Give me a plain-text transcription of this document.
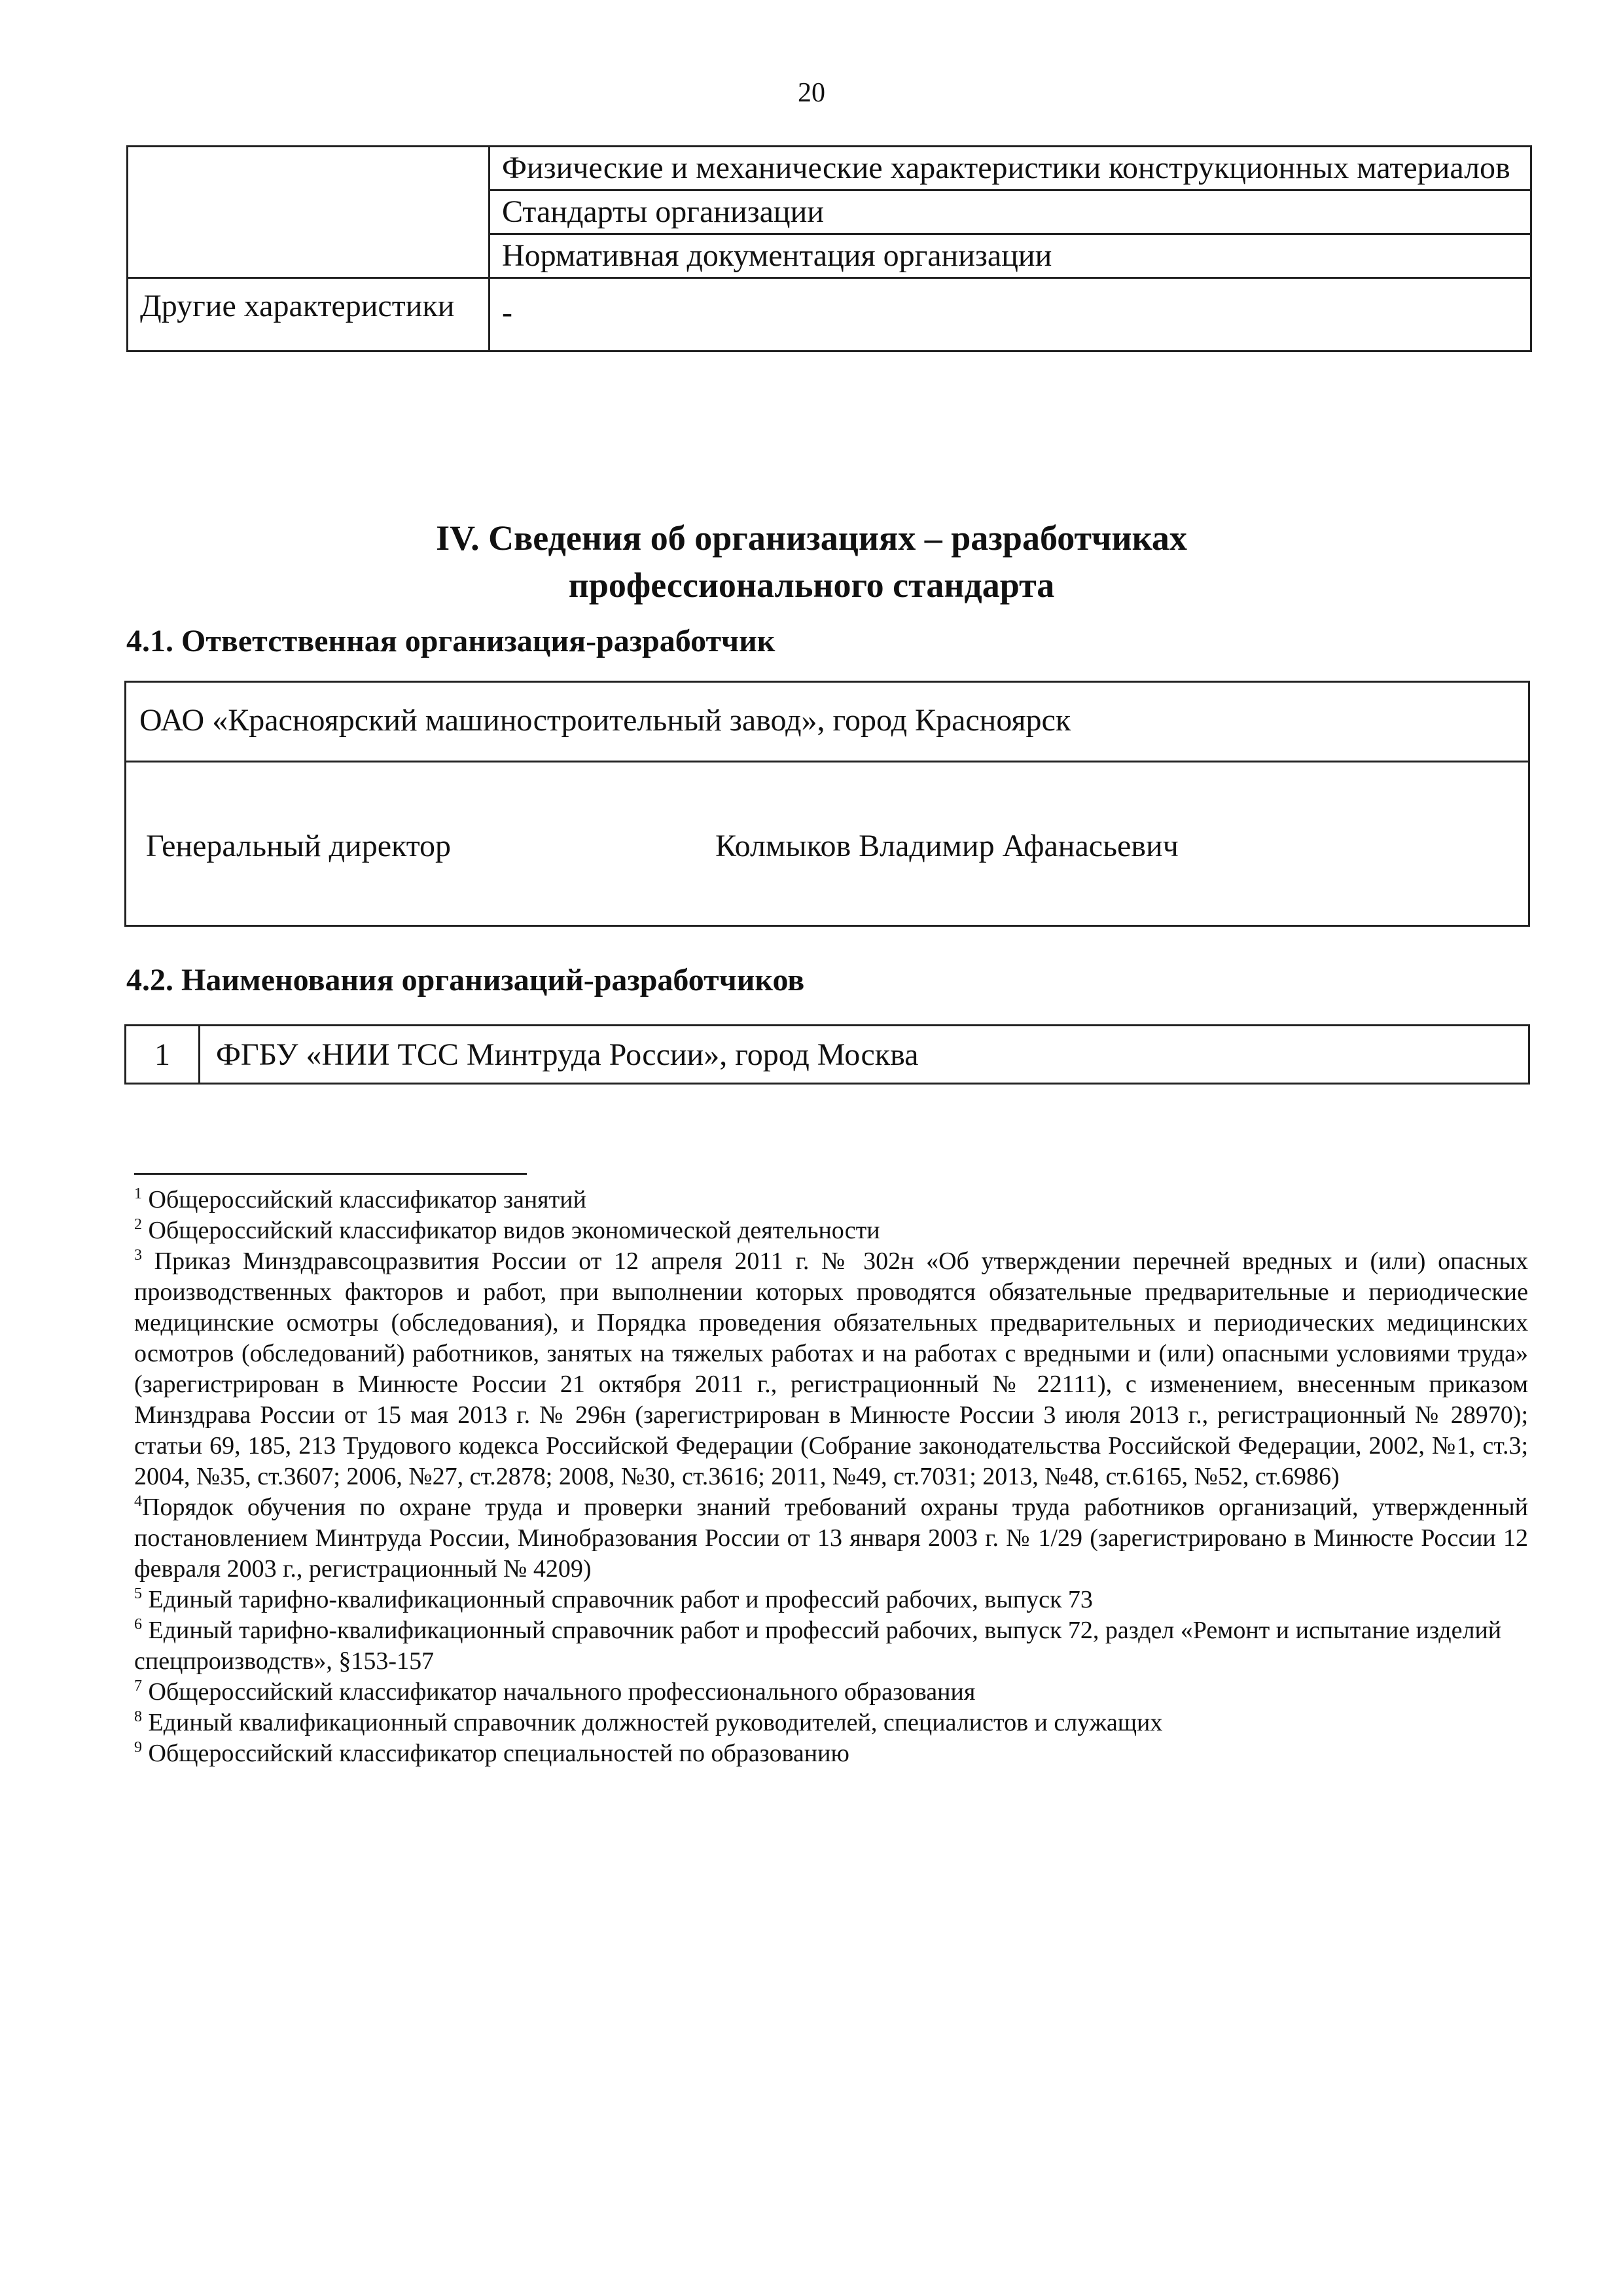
20

	Физические и механические характеристики конструкционных материалов

	Стандарты организации

	Нормативная документация организации

Другие характеристики	-
IV. Сведения об организациях – разработчиках
профессионального стандарта
4.1. Ответственная организация-разработчик
ОАО «Красноярский машиностроительный завод», город Красноярск
Генеральный директор	Колмыков Владимир Афанасьевич
4.2. Наименования организаций-разработчиков
1	ФГБУ «НИИ ТСС Минтруда России», город Москва

$^1$ Общероссийский классификатор занятий

$^2$ Общероссийский классификатор видов экономической деятельности

$^3$ Приказ Минздравсоцразвития России от 12 апреля 2011 г. № 302н «Об утверждении перечней вредных и (или) опасных производственных факторов и работ, при выполнении которых проводятся обязательные предварительные и периодические медицинские осмотры (обследования), и Порядка проведения обязательных предварительных и периодических медицинских осмотров (обследований) работников, занятых на тяжелых работах и на работах с вредными и (или) опасными условиями труда» (зарегистрирован в Минюсте России 21 октября 2011 г., регистрационный № 22111), с изменением, внесенным приказом Минздрава России от 15 мая 2013 г. № 296н (зарегистрирован в Минюсте России 3 июля 2013 г., регистрационный № 28970); статьи 69, 185, 213 Трудового кодекса Российской Федерации (Собрание законодательства Российской Федерации, 2002, №1, ст.3; 2004, №35, ст.3607; 2006, №27, ст.2878; 2008, №30, ст.3616; 2011, №49, ст.7031; 2013, №48, ст.6165, №52, ст.6986)

$^4$Порядок обучения по охране труда и проверки знаний требований охраны труда работников организаций, утвержденный постановлением Минтруда России, Минобразования России от 13 января 2003 г. № 1/29 (зарегистрировано в Минюсте России 12 февраля 2003 г., регистрационный № 4209)

$^5$ Единый тарифно-квалификационный справочник работ и профессий рабочих, выпуск 73

$^6$ Единый тарифно-квалификационный справочник работ и профессий рабочих, выпуск 72, раздел «Ремонт и испытание изделий спецпроизводств», §153-157

$^7$ Общероссийский классификатор начального профессионального образования

$^8$ Единый квалификационный справочник должностей руководителей, специалистов и служащих

$^9$ Общероссийский классификатор специальностей по образованию
